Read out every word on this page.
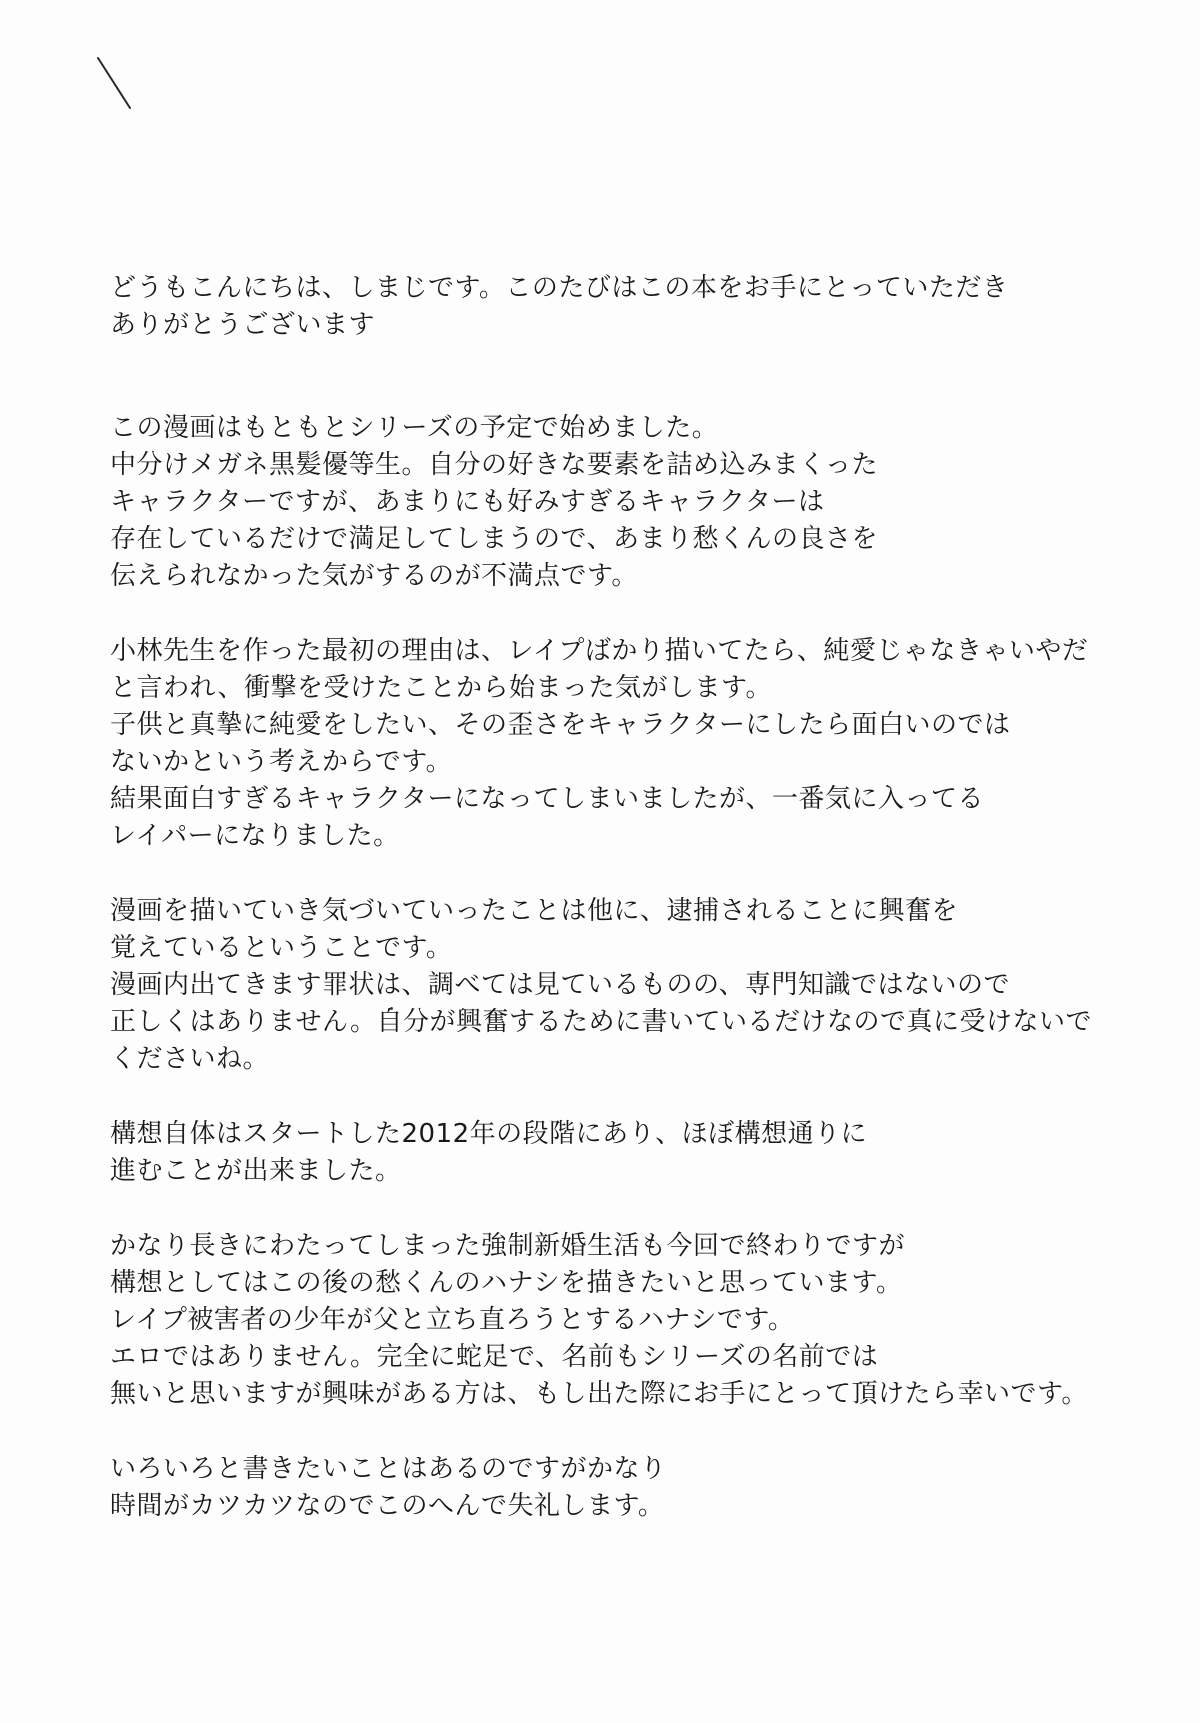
どうもこんにちは、しまじです。このたびはこの本をお手にとっていただき
ありがとうございます
この漫画はもともとシリーズの予定で始めました。
中分けメガネ黒髪優等生。自分の好きな要素を詰め込みまくった
キャラクターですが、あまりにも好みすぎるキャラクターは
存在しているだけで満足してしまうので、あまり愁くんの良さを
伝えられなかった気がするのが不満点です。
小林先生を作った最初の理由は、レイプばかり描いてたら、純愛じゃなきゃいやだ
と言われ、衝撃を受けたことから始まった気がします。
子供と真摯に純愛をしたい、その歪さをキャラクターにしたら面白いのでは
ないかという考えからです。
結果面白すぎるキャラクターになってしまいましたが、一番気に入ってる
レイパーになりました。
漫画を描いていき気づいていったことは他に、逮捕されることに興奮を
覚えているということです。
漫画内出てきます罪状は、調べては見ているものの、専門知識ではないので
正しくはありません。自分が興奮するために書いているだけなので真に受けないで
くださいね。
構想自体はスタートした2012年の段階にあり、ほぼ構想通りに
進むことが出来ました。
かなり長きにわたってしまった強制新婚生活も今回で終わりですが
構想としてはこの後の愁くんのハナシを描きたいと思っています。
レイプ被害者の少年が父と立ち直ろうとするハナシです。
エロではありません。完全に蛇足で、名前もシリーズの名前では
無いと思いますが興味がある方は、もし出た際にお手にとって頂けたら幸いです。
いろいろと書きたいことはあるのですがかなり
時間がカツカツなのでこのへんで失礼します。
